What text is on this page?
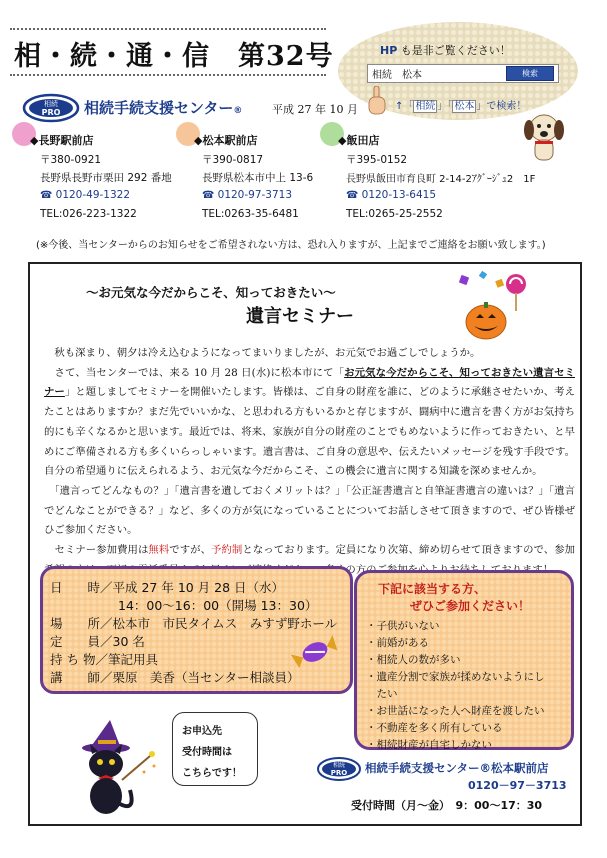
相・続・通・信　第32号	HP も是非ご覧ください！
相続　松本	検索
↑「 相続 」「 松本 」で検索！
相続
PRO 相続手続支援センター®	平成 27 年 10 月
◆長野駅前店
〒380-0921
長野県長野市栗田 292 番地
☎ 0120-49-1322
TEL:026-223-1322
◆松本駅前店
〒390-0817
長野県松本市中上 13-6
☎ 0120-97-3713
TEL:0263-35-6481
◆飯田店
〒395-0152
長野県飯田市育良町 2-14-2ｱｸﾞｰｼﾞｭ2　1F
☎ 0120-13-6415
TEL:0265-25-2552
(※今後、当センターからのお知らせをご希望されない方は、恐れ入りますが、上記までご連絡をお願い致します。)
～お元気な今だからこそ、知っておきたい～
遺言セミナー
　秋も深まり、朝夕は冷え込むようになってまいりましたが、お元気でお過ごしでしょうか。
　さて、当センターでは、来る 10 月 28 日(水)に松本市にて「お元気な今だからこそ、知っておきたい遺言セミナー」と題しましてセミナーを開催いたします。皆様は、ご自身の財産を誰に、どのように承継させたいか、考えたことはありますか？まだ先でいいかな、と思われる方もいるかと存じますが、闘病中に遺言を書く方がお気持ち的にも辛くなるかと思います。最近では、将来、家族が自分の財産のことでもめないように作っておきたい、と早めにご準備される方も多くいらっしゃいます。遺言書は、ご自身の意思や、伝えたいメッセージを残す手段です。自分の希望通りに伝えられるよう、お元気な今だからこそ、この機会に遺言に関する知識を深めませんか。
　「遺言ってどんなもの？」「遺言書を遺しておくメリットは？」「公正証書遺言と自筆証書遺言の違いは？」「遺言でどんなことができる？」など、多くの方が気になっていることについてお話しさせて頂きますので、ぜひ皆様ぜひご参加ください。
　セミナー参加費用は無料ですが、予約制となっております。定員になり次第、締め切らせて頂きますので、参加 くの方のご
日　　時／平成 27 年 10 月 28 日（水）
14：00～16：00（開場 13：30）
場　　所／松本市　市民タイムス　みすず野ホール
定　　員／30 名
持 ち 物／筆記用具
講　　師／栗原　美香（当センター相談員）
下記に該当する方、
ぜひご参加ください！
・子供がいない
・前婚がある
・相続人の数が多い
・遺産分割で家族が揉めないようにし
　たい
・お世話になった人へ財産を渡したい
・不動産を多く所有している
・相続財産が自宅しかない
お申込先
受付時間は
こちらです！
相続
PRO 相続手続支援センター®松本駅前店
0120－97－3713
受付時間（月～金）　9：00～17：30
